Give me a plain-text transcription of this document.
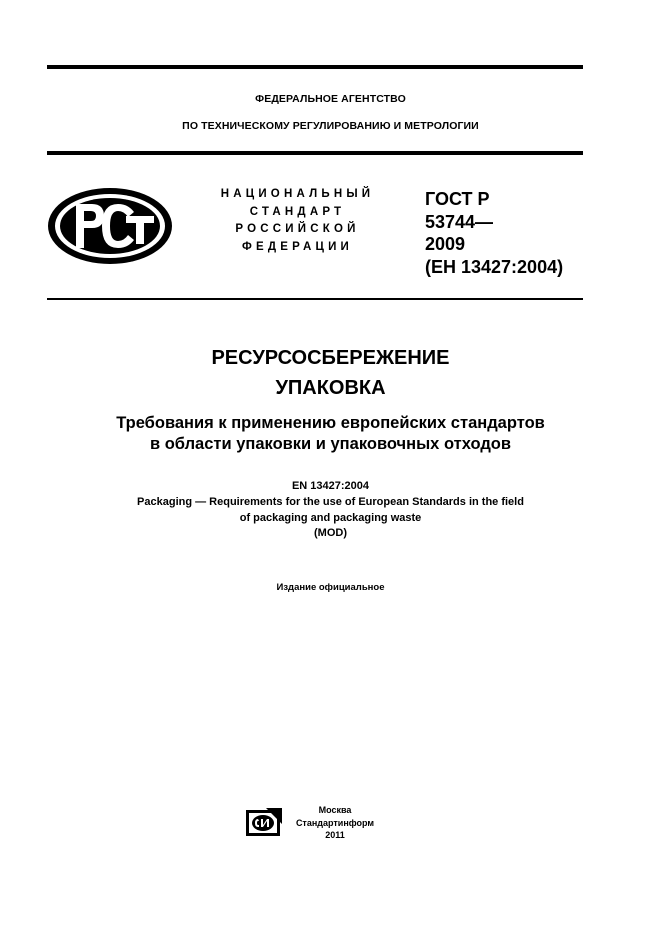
ФЕДЕРАЛЬНОЕ АГЕНТСТВО
ПО ТЕХНИЧЕСКОМУ РЕГУЛИРОВАНИЮ И МЕТРОЛОГИИ
НАЦИОНАЛЬНЫЙ
СТАНДАРТ
РОССИЙСКОЙ
ФЕДЕРАЦИИ
ГОСТ Р
53744—
2009
(ЕН 13427:2004)
РЕСУРСОСБЕРЕЖЕНИЕ
УПАКОВКА
Требования к применению европейских стандартов
в области упаковки и упаковочных отходов
EN 13427:2004
Packaging — Requirements for the use of European Standards in the field
of packaging and packaging waste
(MOD)
Издание официальное
Москва
Стандартинформ
2011
